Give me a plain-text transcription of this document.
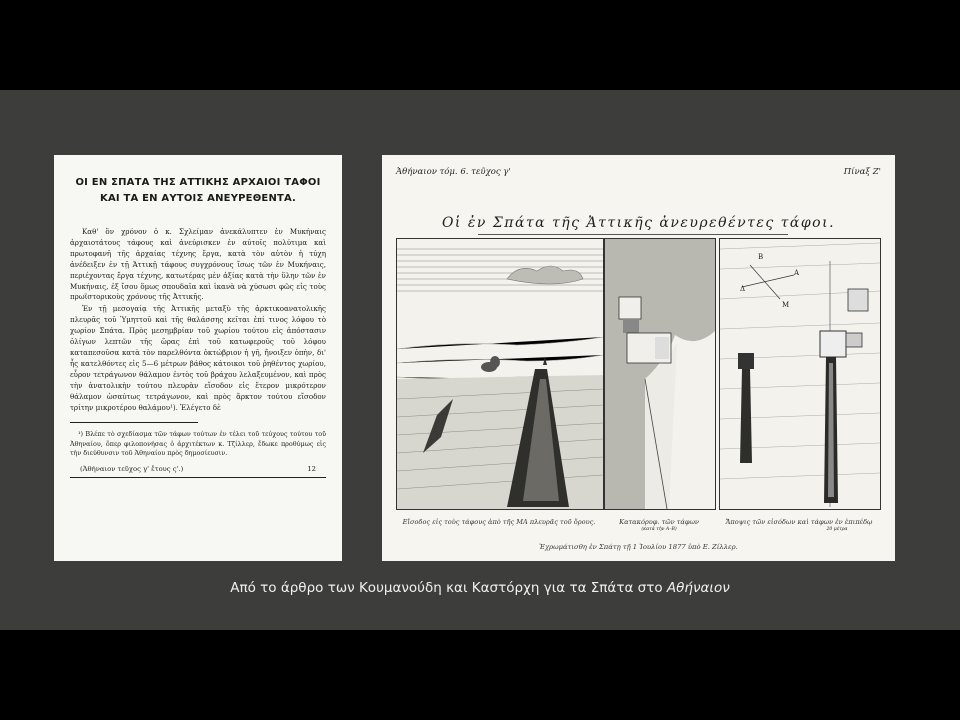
ΟΙ ΕΝ ΣΠΑΤΑ ΤΗΣ ΑΤΤΙΚΗΣ ΑΡΧΑΙΟΙ ΤΑΦΟΙ
ΚΑΙ ΤΑ ΕΝ ΑΥΤΟΙΣ ΑΝΕΥΡΕΘΕΝΤΑ.

Καθ' ὃν χρόνον ὁ κ. Σχλείμαν ἀνεκάλυπτεν ἐν Μυκήναις ἀρχαιοτάτους τάφους καὶ ἀνεύρισκεν ἐν αὐτοῖς πολύτιμα καὶ πρωτοφανῆ τῆς ἀρχαίας τέχνης ἔργα, κατὰ τὸν αὐτὸν ἡ τύχη ἀνέδειξεν ἐν τῇ Ἀττικῇ τάφους συγχρόνους ἴσως τῶν ἐν Μυκήναις, περιέχοντας ἔργα τέχνης, κατωτέρας μὲν ἀξίας κατὰ τὴν ὕλην τῶν ἐν Μυκήναις, ἐξ ἴσου ὅμως σπουδαῖα καὶ ἱκανὰ νὰ χύσωσι φῶς εἰς τοὺς πρωϊστορικοὺς χρόνους τῆς Ἀττικῆς.

Ἐν τῇ μεσογαίᾳ τῆς Ἀττικῆς μεταξὺ τῆς ἀρκτικοανατολικῆς πλευρᾶς τοῦ Ὑμηττοῦ καὶ τῆς θαλάσσης κεῖται ἐπί τινος λόφου τὸ χωρίον Σπάτα. Πρὸς μεσημβρίαν τοῦ χωρίου τούτου εἰς ἀπόστασιν ὀλίγων λεπτῶν τῆς ὥρας ἐπὶ τοῦ κατωφεροῦς τοῦ λόφου καταπεσοῦσα κατὰ τὸν παρελθόντα ὀκτώβριον ἡ γῆ, ἤνοιξεν ὀπὴν, δι' ἧς κατελθόντες εἰς 5—6 μέτρων βάθος κάτοικοι τοῦ ῥηθέντος χωρίου, εὗρον τετράγωνον θάλαμον ἐντὸς τοῦ βράχου λελαξευμένον, καὶ πρὸς τὴν ἀνατολικὴν τούτου πλευρὰν εἴσοδον εἰς ἕτερον μικρότερον θάλαμον ὡσαύτως τετράγωνον, καὶ πρὸς ἄρκτον τούτου εἴσοδον τρίτην μικροτέρου θαλάμου¹). Ἐλέγετο δὲ

¹) Βλέπε τὸ σχεδίασμα τῶν τάφων τούτων ἐν τέλει τοῦ τεύχους τούτου τοῦ Ἀθηναίου, ὅπερ φιλοπονήσας ὁ ἀρχιτέκτων κ. Τζίλλερ, ἔδωκε προθύμως εἰς τὴν διεύθυνσιν τοῦ Ἀθηναίου πρὸς δημοσίευσιν.

(Ἀθήναιον τεῦχος γ' ἔτους ς'.)	12
Ἀθήναιον τόμ. 6. τεῦχος γ'	Πίναξ Ζ'
Οἱ ἐν Σπάτα τῆς Ἀττικῆς ἀνευρεθέντες τάφοι.
Β
Α
Δ
Μ
Εἴσοδος εἰς τοὺς τάφους ἀπὸ τῆς ΜΑ πλευρᾶς τοῦ ὄρους.	Κατακόρυφ. τῶν τάφων
(κατὰ τὴν Α–Β)
Ἄποψις τῶν εἰσόδων καὶ τάφων ἐν ἐπιπέδῳ
20 μέτρα
Ἐχρωμάτισθη ἐν Σπάτῃ τῇ 1 Ἰουλίου 1877 ὑπὸ Ε. Ζίλλερ.
Από το άρθρο των Κουμανούδη και Καστόρχη για τα Σπάτα στο Αθήναιον
